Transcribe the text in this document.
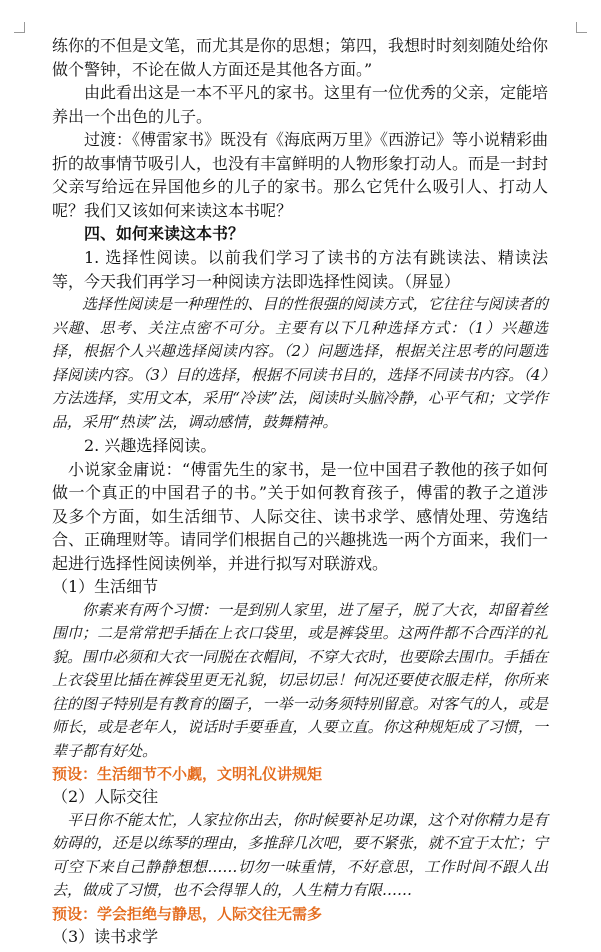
练你的不但是文笔，而尤其是你的思想；第四，我想时时刻刻随处给你做个警钟，不论在做人方面还是其他各方面。”

由此看出这是一本不平凡的家书。这里有一位优秀的父亲，定能培养出一个出色的儿子。

过渡：《傅雷家书》既没有《海底两万里》《西游记》等小说精彩曲折的故事情节吸引人，也没有丰富鲜明的人物形象打动人。而是一封封父亲写给远在异国他乡的儿子的家书。那么它凭什么吸引人、打动人呢？我们又该如何来读这本书呢？

四、如何来读这本书？

1. 选择性阅读。以前我们学习了读书的方法有跳读法、精读法等，今天我们再学习一种阅读方法即选择性阅读。（屏显）

选择性阅读是一种理性的、目的性很强的阅读方式，它往往与阅读者的兴趣、思考、关注点密不可分。主要有以下几种选择方式：（1）兴趣选择，根据个人兴趣选择阅读内容。（2）问题选择，根据关注思考的问题选择阅读内容。（3）目的选择，根据不同读书目的，选择不同读书内容。（4）方法选择，实用文本，采用“冷读”法，阅读时头脑冷静，心平气和；文学作品，采用“热读”法，调动感情，鼓舞精神。

2. 兴趣选择阅读。

小说家金庸说：“傅雷先生的家书，是一位中国君子教他的孩子如何做一个真正的中国君子的书。”关于如何教育孩子，傅雷的教子之道涉及多个方面，如生活细节、人际交往、读书求学、感情处理、劳逸结合、正确理财等。请同学们根据自己的兴趣挑选一两个方面来，我们一起进行选择性阅读例举，并进行拟写对联游戏。

（1）生活细节

你素来有两个习惯：一是到别人家里，进了屋子，脱了大衣，却留着丝围巾；二是常常把手插在上衣口袋里，或是裤袋里。这两件都不合西洋的礼貌。围巾必须和大衣一同脱在衣帽间，不穿大衣时，也要除去围巾。手插在上衣袋里比插在裤袋里更无礼貌，切忌切忌！何况还要使衣服走样，你所来往的图子特别是有教育的圈子，一举一动务须特别留意。对客气的人，或是师长，或是老年人，说话时手要垂直，人要立直。你这种规矩成了习惯，一辈子都有好处。

预设：生活细节不小觑，文明礼仪讲规矩

（2）人际交往

平日你不能太忙，人家拉你出去，你时候要补足功课，这个对你精力是有妨碍的，还是以练琴的理由，多推辞几次吧，要不紧张，就不宜于太忙；宁可空下来自己静静想想……切勿一味重情，不好意思，工作时间不跟人出去，做成了习惯，也不会得罪人的，人生精力有限……

预设：学会拒绝与静思，人际交往无需多

（3）读书求学
